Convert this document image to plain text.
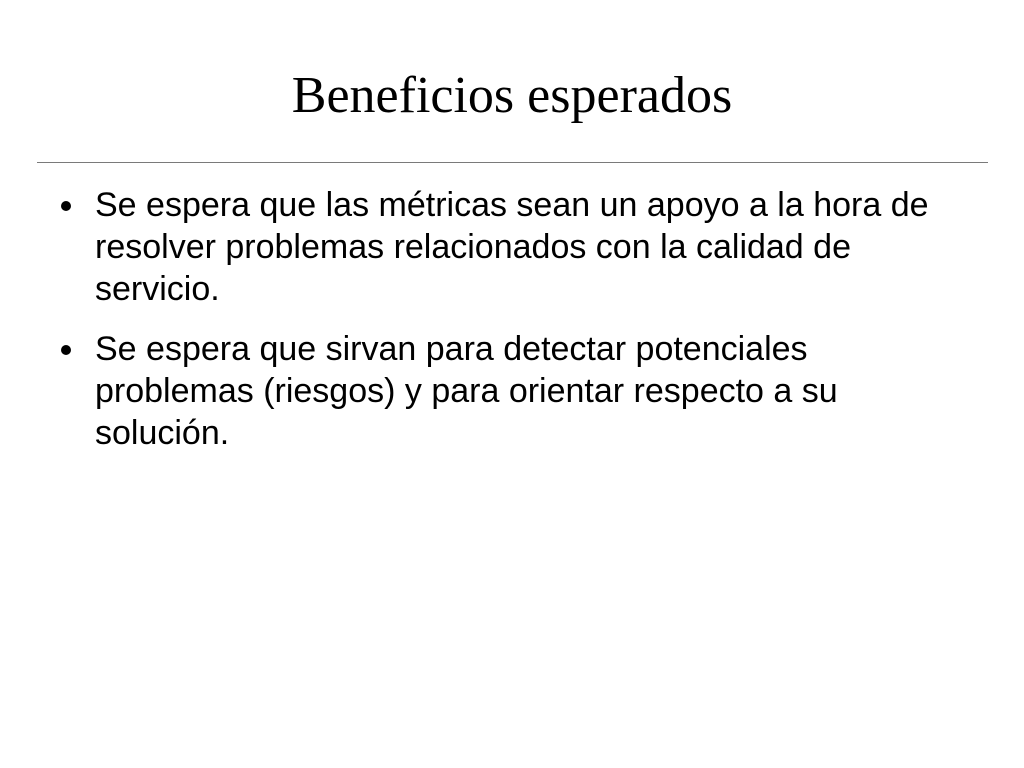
Beneficios esperados
Se espera que las métricas sean un apoyo a la hora de resolver problemas relacionados con la calidad de servicio.
Se espera que sirvan para detectar potenciales problemas (riesgos) y para orientar respecto a su solución.
